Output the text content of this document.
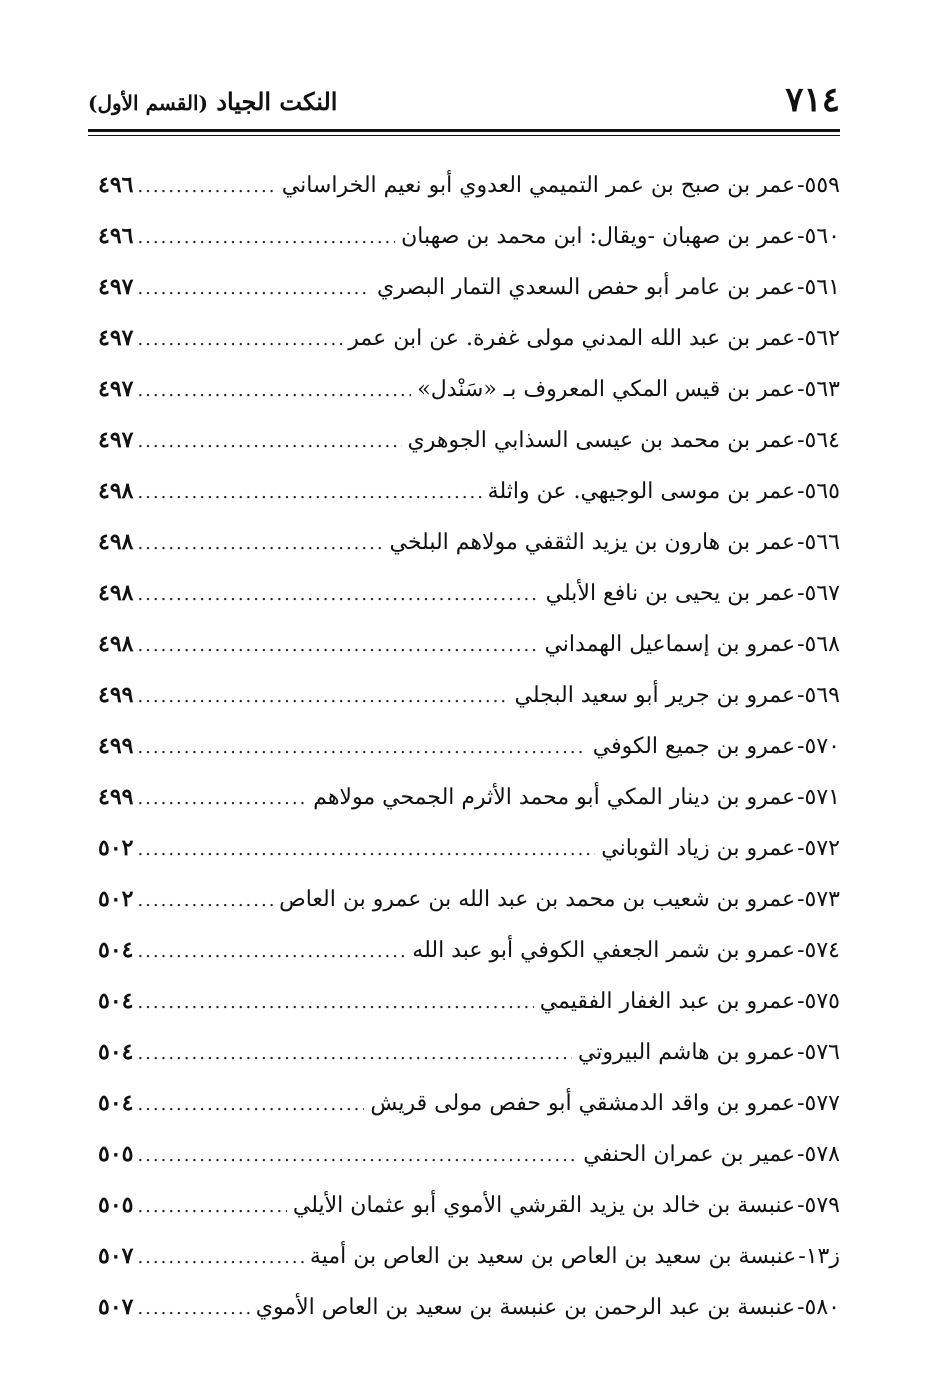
٧١٤
النكت الجياد (القسم الأول)
٤٩٦ .....	عمر بن صبح بن عمر التميمي العدوي أبو نعيم الخراساني ٥٥٩-
٤٩٦ .....	عمر بن صهبان -ويقال: ابن محمد بن صهبان ٥٦٠-
٤٩٧ .....	عمر بن عامر أبو حفص السعدي التمار البصري ٥٦١-
٤٩٧ .....	عمر بن عبد الله المدني مولى غفرة. عن ابن عمر ٥٦٢-
٤٩٧ .....	عمر بن قيس المكي المعروف بـ «سَنْدل» ٥٦٣-
٤٩٧ .....	عمر بن محمد بن عيسى السذابي الجوهري ٥٦٤-
٤٩٨ .....	عمر بن موسى الوجيهي. عن واثلة ٥٦٥-
٤٩٨ .....	عمر بن هارون بن يزيد الثقفي مولاهم البلخي ٥٦٦-
٤٩٨ .....	عمر بن يحيى بن نافع الأبلي ٥٦٧-
٤٩٨ .....	عمرو بن إسماعيل الهمداني ٥٦٨-
٤٩٩ .....	عمرو بن جرير أبو سعيد البجلي ٥٦٩-
٤٩٩ .....	عمرو بن جميع الكوفي ٥٧٠-
٤٩٩ .....	عمرو بن دينار المكي أبو محمد الأثرم الجمحي مولاهم ٥٧١-
٥٠٢ .....	عمرو بن زياد الثوباني ٥٧٢-
٥٠٢ .....	عمرو بن شعيب بن محمد بن عبد الله بن عمرو بن العاص ٥٧٣-
٥٠٤ .....	عمرو بن شمر الجعفي الكوفي أبو عبد الله ٥٧٤-
٥٠٤ .....	عمرو بن عبد الغفار الفقيمي ٥٧٥-
٥٠٤ .....	عمرو بن هاشم البيروتي ٥٧٦-
٥٠٤ .....	عمرو بن واقد الدمشقي أبو حفص مولى قريش ٥٧٧-
٥٠٥ .....	عمير بن عمران الحنفي ٥٧٨-
٥٠٥ .....	عنبسة بن خالد بن يزيد القرشي الأموي أبو عثمان الأيلي ٥٧٩-
٥٠٧ .....	عنبسة بن سعيد بن العاص بن سعيد بن العاص بن أمية ز١٣-
٥٠٧ .....	عنبسة بن عبد الرحمن بن عنبسة بن سعيد بن العاص الأموي ٥٨٠-
